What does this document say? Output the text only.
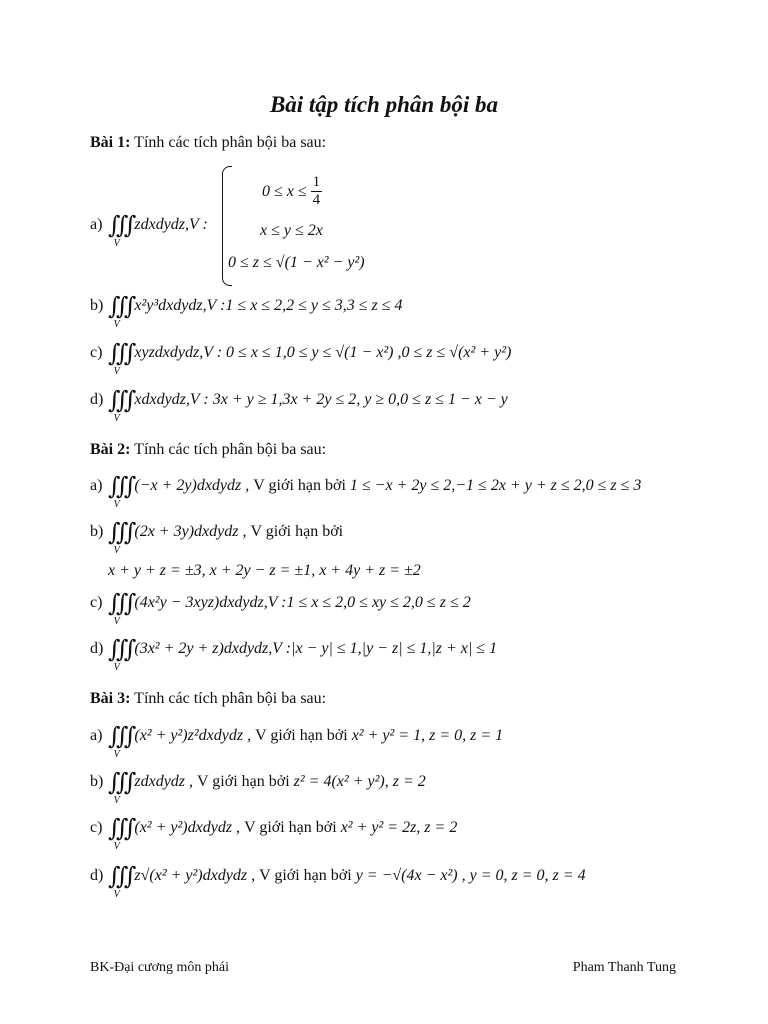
Bài tập tích phân bội ba
Bài 1: Tính các tích phân bội ba sau:
a) ∭
V
zdxdydz,V :
$0 \le x \le \frac{1}{4}$
x ≤ y ≤ 2x
0 ≤ z ≤ √(1 − x² − y²)
b) ∭
V
x²y³dxdydz,V :1 ≤ x ≤ 2,2 ≤ y ≤ 3,3 ≤ z ≤ 4
c) ∭
V
xyzdxdydz,V : 0 ≤ x ≤ 1,0 ≤ y ≤ √(1 − x²) ,0 ≤ z ≤ √(x² + y²)
d) ∭
V
xdxdydz,V : 3x + y ≥ 1,3x + 2y ≤ 2, y ≥ 0,0 ≤ z ≤ 1 − x − y
Bài 2: Tính các tích phân bội ba sau:
a) ∭
V
(−x + 2y)dxdydz , V giới hạn bởi 1 ≤ −x + 2y ≤ 2,−1 ≤ 2x + y + z ≤ 2,0 ≤ z ≤ 3
b) ∭
V
(2x + 3y)dxdydz , V giới hạn bởi
x + y + z = ±3, x + 2y − z = ±1, x + 4y + z = ±2
c) ∭
V
(4x²y − 3xyz)dxdydz,V :1 ≤ x ≤ 2,0 ≤ xy ≤ 2,0 ≤ z ≤ 2
d) ∭
V
(3x² + 2y + z)dxdydz,V :|x − y| ≤ 1,|y − z| ≤ 1,|z + x| ≤ 1
Bài 3: Tính các tích phân bội ba sau:
a) ∭
V
(x² + y²)z²dxdydz , V giới hạn bởi x² + y² = 1, z = 0, z = 1
b) ∭
V
zdxdydz , V giới hạn bởi z² = 4(x² + y²), z = 2
c) ∭
V
(x² + y²)dxdydz , V giới hạn bởi x² + y² = 2z, z = 2
d) ∭
V
z√(x² + y²)dxdydz , V giới hạn bởi y = −√(4x − x²) , y = 0, z = 0, z = 4
BK-Đại cương môn phái	Pham Thanh Tung
